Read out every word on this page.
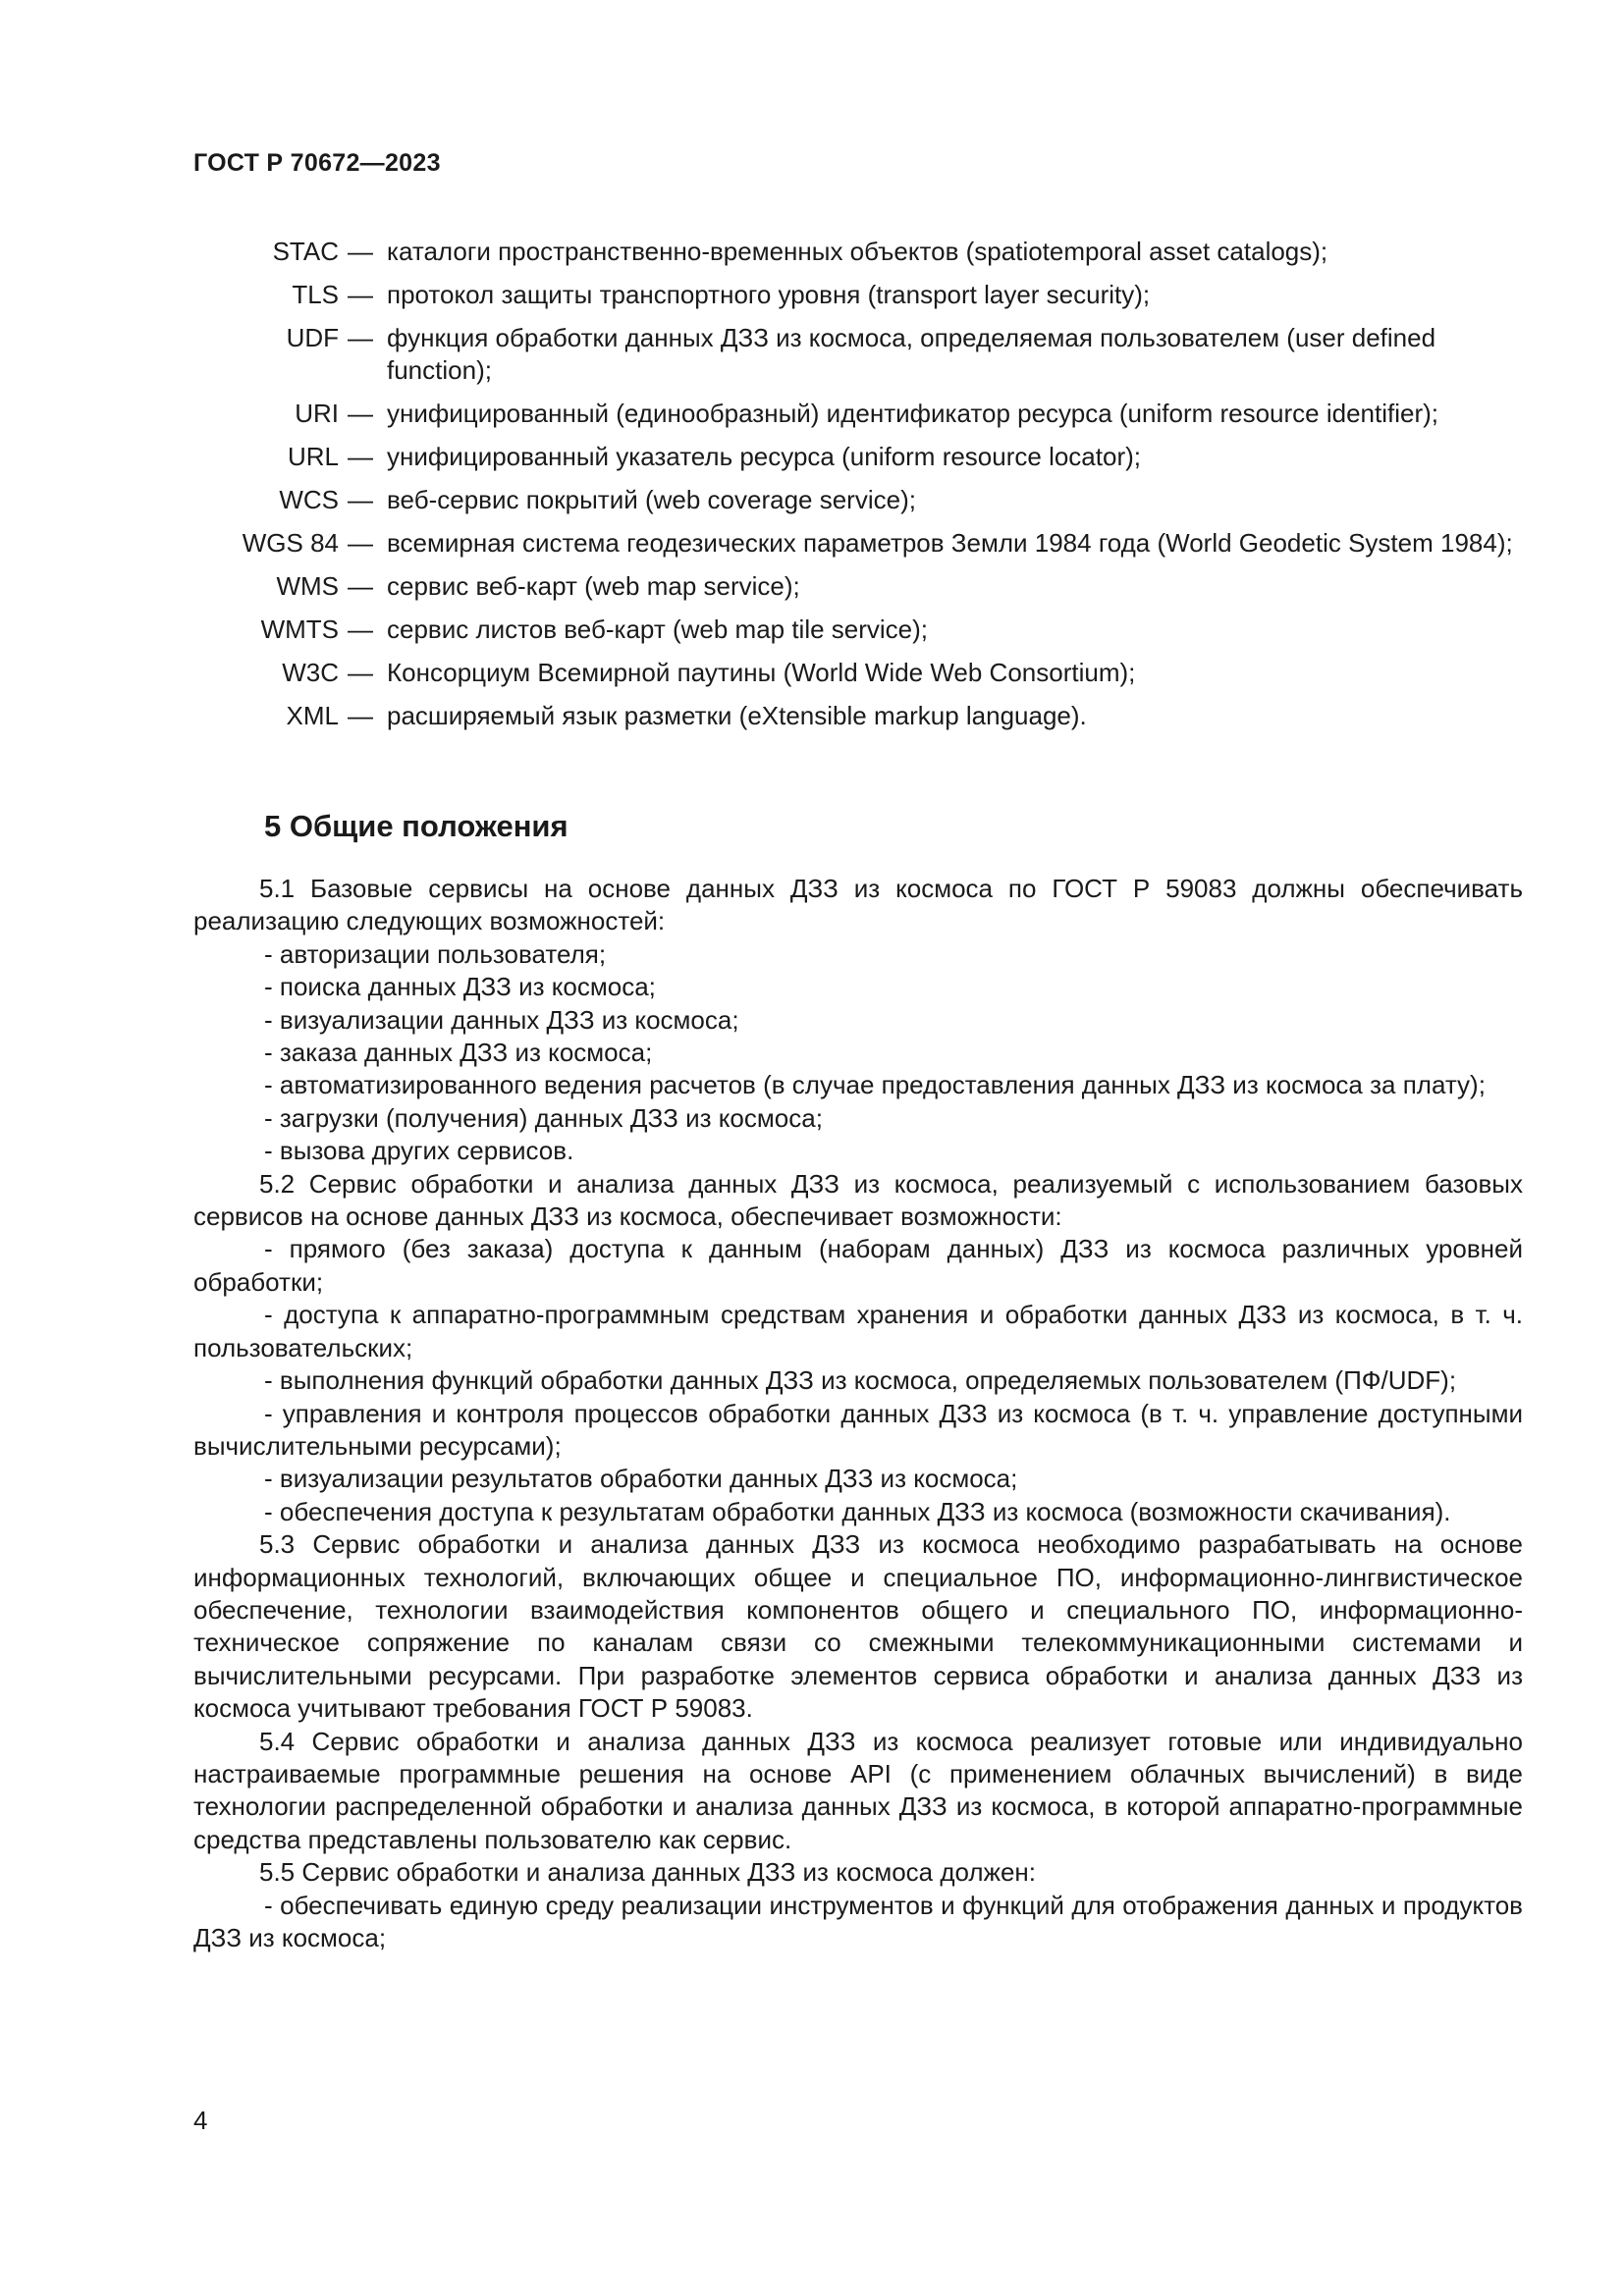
ГОСТ Р 70672—2023
STAC — каталоги пространственно-временных объектов (spatiotemporal asset catalogs);
TLS — протокол защиты транспортного уровня (transport layer security);
UDF — функция обработки данных ДЗЗ из космоса, определяемая пользователем (user defined function);
URI — унифицированный (единообразный) идентификатор ресурса (uniform resource identifier);
URL — унифицированный указатель ресурса (uniform resource locator);
WCS — веб-сервис покрытий (web coverage service);
WGS 84 — всемирная система геодезических параметров Земли 1984 года (World Geodetic System 1984);
WMS — сервис веб-карт (web map service);
WMTS — сервис листов веб-карт (web map tile service);
W3C — Консорциум Всемирной паутины (World Wide Web Consortium);
XML — расширяемый язык разметки (eXtensible markup language).
5 Общие положения

5.1 Базовые сервисы на основе данных ДЗЗ из космоса по ГОСТ Р 59083 должны обеспечивать реализацию следующих возможностей:

- авторизации пользователя;

- поиска данных ДЗЗ из космоса;

- визуализации данных ДЗЗ из космоса;

- заказа данных ДЗЗ из космоса;

- автоматизированного ведения расчетов (в случае предоставления данных ДЗЗ из космоса за плату);

- загрузки (получения) данных ДЗЗ из космоса;

- вызова других сервисов.

5.2 Сервис обработки и анализа данных ДЗЗ из космоса, реализуемый с использованием базовых сервисов на основе данных ДЗЗ из космоса, обеспечивает возможности:

- прямого (без заказа) доступа к данным (наборам данных) ДЗЗ из космоса различных уровней обработки;

- доступа к аппаратно-программным средствам хранения и обработки данных ДЗЗ из космоса, в т. ч. пользовательских;

- выполнения функций обработки данных ДЗЗ из космоса, определяемых пользователем (ПФ/UDF);

- управления и контроля процессов обработки данных ДЗЗ из космоса (в т. ч. управление доступными вычислительными ресурсами);

- визуализации результатов обработки данных ДЗЗ из космоса;

- обеспечения доступа к результатам обработки данных ДЗЗ из космоса (возможности скачивания).

5.3 Сервис обработки и анализа данных ДЗЗ из космоса необходимо разрабатывать на основе информационных технологий, включающих общее и специальное ПО, информационно-лингвистическое обеспечение, технологии взаимодействия компонентов общего и специального ПО, информационно-техническое сопряжение по каналам связи со смежными телекоммуникационными системами и вычислительными ресурсами. При разработке элементов сервиса обработки и анализа данных ДЗЗ из космоса учитывают требования ГОСТ Р 59083.

5.4 Сервис обработки и анализа данных ДЗЗ из космоса реализует готовые или индивидуально настраиваемые программные решения на основе API (с применением облачных вычислений) в виде технологии распределенной обработки и анализа данных ДЗЗ из космоса, в которой аппаратно-программные средства представлены пользователю как сервис.

5.5 Сервис обработки и анализа данных ДЗЗ из космоса должен:

- обеспечивать единую среду реализации инструментов и функций для отображения данных и продуктов ДЗЗ из космоса;

4
